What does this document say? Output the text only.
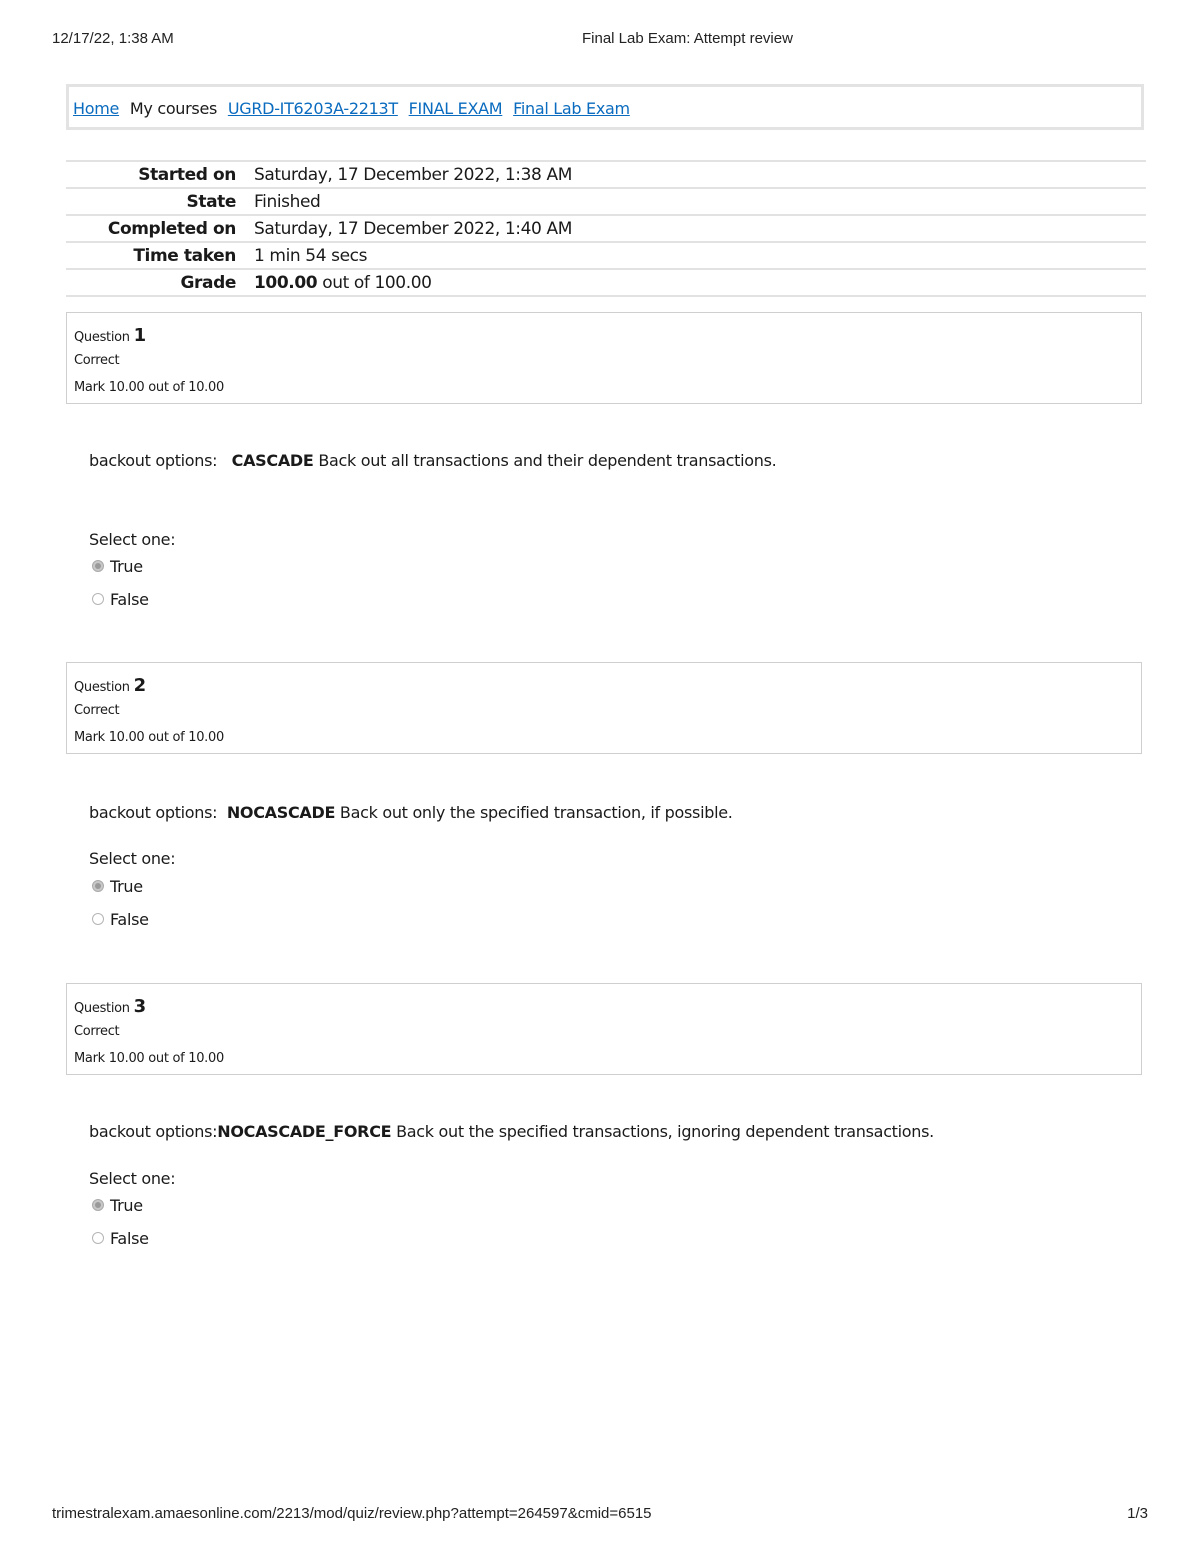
12/17/22, 1:38 AM	Final Lab Exam: Attempt review
Home My courses UGRD-IT6203A-2213T FINAL EXAM Final Lab Exam
Started on	Saturday, 17 December 2022, 1:38 AM
State	Finished
Completed on	Saturday, 17 December 2022, 1:40 AM
Time taken	1 min 54 secs
Grade	100.00 out of 100.00
Question 1
Correct
Mark 10.00 out of 10.00
backout options: CASCADE Back out all transactions and their dependent transactions.
Select one:
True
False
Question 2
Correct
Mark 10.00 out of 10.00
backout options: NOCASCADE Back out only the specified transaction, if possible.
Select one:
True
False
Question 3
Correct
Mark 10.00 out of 10.00
backout options:NOCASCADE_FORCE Back out the specified transactions, ignoring dependent transactions.
Select one:
True
False
trimestralexam.amaesonline.com/2213/mod/quiz/review.php?attempt=264597&cmid=6515	1/3
